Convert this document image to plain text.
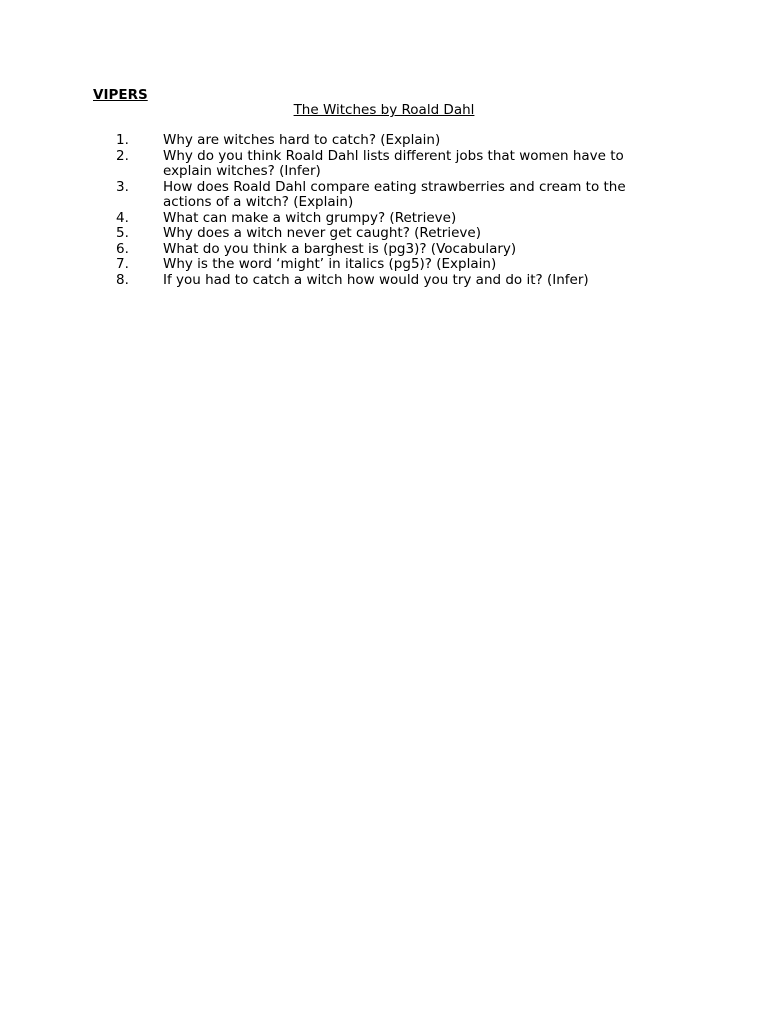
VIPERS
The Witches by Roald Dahl
1.	Why are witches hard to catch? (Explain)
2.	Why do you think Roald Dahl lists different jobs that women have to explain witches? (Infer)
3.	How does Roald Dahl compare eating strawberries and cream to the actions of a witch? (Explain)
4.	What can make a witch grumpy? (Retrieve)
5.	Why does a witch never get caught? (Retrieve)
6.	What do you think a barghest is (pg3)? (Vocabulary)
7.	Why is the word ‘might’ in italics (pg5)? (Explain)
8.	If you had to catch a witch how would you try and do it? (Infer)
